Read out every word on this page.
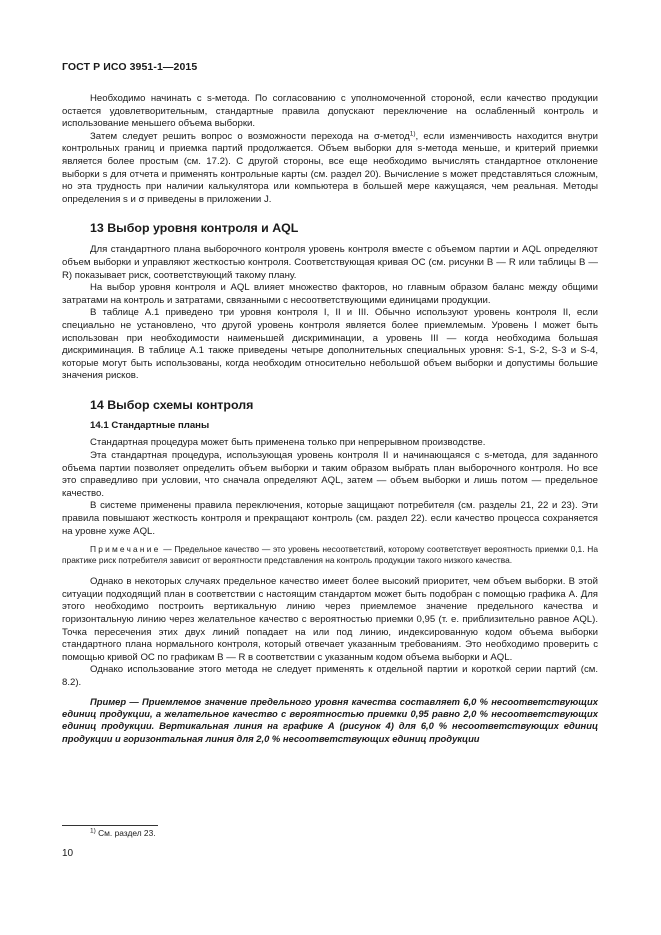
ГОСТ Р ИСО 3951-1—2015

Необходимо начинать с s-метода. По согласованию с уполномоченной стороной, если качество продукции остается удовлетворительным, стандартные правила допускают переключение на ослабленный контроль и использование меньшего объема выборки.

Затем следует решить вопрос о возможности перехода на σ-метод$^{1)}$, если изменчивость находится внутри контрольных границ и приемка партий продолжается. Объем выборки для s-метода меньше, и критерий приемки является более простым (см. 17.2). С другой стороны, все еще необходимо вычислять стандартное отклонение выборки s для отчета и применять контрольные карты (см. раздел 20). Вычисление s может представляться сложным, но эта трудность при наличии калькулятора или компьютера в большей мере кажущаяся, чем реальная. Методы определения s и σ приведены в приложении J.

13 Выбор уровня контроля и AQL

Для стандартного плана выборочного контроля уровень контроля вместе с объемом партии и AQL определяют объем выборки и управляют жесткостью контроля. Соответствующая кривая ОС (см. рисунки В — R или таблицы В — R) показывает риск, соответствующий такому плану.

На выбор уровня контроля и AQL влияет множество факторов, но главным образом баланс между общими затратами на контроль и затратами, связанными с несоответствующими единицами продукции.

В таблице А.1 приведено три уровня контроля I, II и III. Обычно используют уровень контроля II, если специально не установлено, что другой уровень контроля является более приемлемым. Уровень I может быть использован при необходимости наименьшей дискриминации, а уровень III — когда необходима большая дискриминация. В таблице А.1 также приведены четыре дополнительных специальных уровня: S-1, S-2, S-3 и S-4, которые могут быть использованы, когда необходим относительно небольшой объем выборки и допустимы большие значения рисков.

14 Выбор схемы контроля
14.1 Стандартные планы

Стандартная процедура может быть применена только при непрерывном производстве.

Эта стандартная процедура, использующая уровень контроля II и начинающаяся с s-метода, для заданного объема партии позволяет определить объем выборки и таким образом выбрать план выборочного контроля. Но все это справедливо при условии, что сначала определяют AQL, затем — объем выборки и лишь потом — предельное качество.

В системе применены правила переключения, которые защищают потребителя (см. разделы 21, 22 и 23). Эти правила повышают жесткость контроля и прекращают контроль (см. раздел 22). если качество процесса сохраняется на уровне хуже AQL.

Примечание — Предельное качество — это уровень несоответствий, которому соответствует вероятность приемки 0,1. На практике риск потребителя зависит от вероятности представления на контроль продукции такого низкого качества.

Однако в некоторых случаях предельное качество имеет более высокий приоритет, чем объем выборки. В этой ситуации подходящий план в соответствии с настоящим стандартом может быть подобран с помощью графика А. Для этого необходимо построить вертикальную линию через приемлемое значение предельного качества и горизонтальную линию через желательное качество с вероятностью приемки 0,95 (т. е. приблизительно равное AQL). Точка пересечения этих двух линий попадает на или под линию, индексированную кодом объема выборки стандартного плана нормального контроля, который отвечает указанным требованиям. Это необходимо проверить с помощью кривой ОС по графикам В — R в соответствии с указанным кодом объема выборки и AQL.

Однако использование этого метода не следует применять к отдельной партии и короткой серии партий (см. 8.2).

Пример — Приемлемое значение предельного уровня качества составляет 6,0 % несоответствующих единиц продукции, а желательное качество с вероятностью приемки 0,95 равно 2,0 % несоответствующих единиц продукции. Вертикальная линия на графике А (рисунок 4) для 6,0 % несоответствующих единиц продукции и горизонтальная линия для 2,0 % несоответствующих единиц продукции
$^{1)}$ См. раздел 23.
10
